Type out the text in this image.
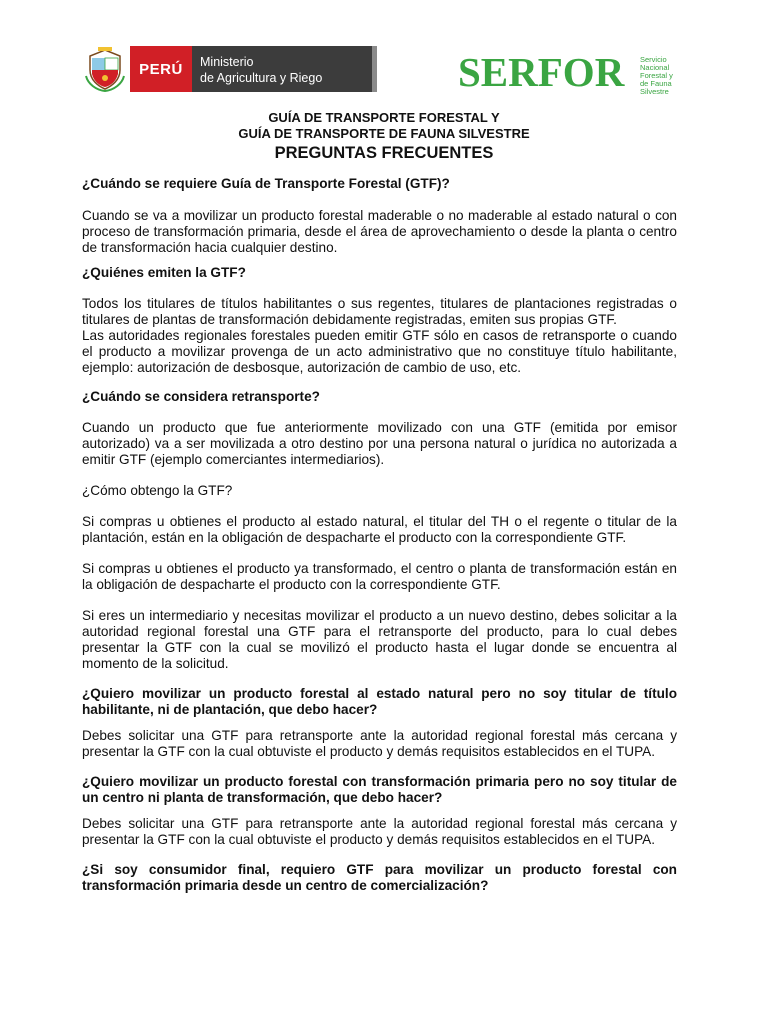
PERÚ Ministerio
de Agricultura y Riego	SERFOR Servicio
Nacional
Forestal y
de Fauna
Silvestre
GUÍA DE TRANSPORTE FORESTAL Y
GUÍA DE TRANSPORTE DE FAUNA SILVESTRE
PREGUNTAS FRECUENTES
¿Cuándo se requiere Guía de Transporte Forestal (GTF)?
Cuando se va a movilizar un producto forestal maderable o no maderable al estado natural o con proceso de transformación primaria, desde el área de aprovechamiento o desde la planta o centro de transformación hacia cualquier destino.
¿Quiénes emiten la GTF?
Todos los titulares de títulos habilitantes o sus regentes, titulares de plantaciones registradas o titulares de plantas de transformación debidamente registradas, emiten sus propias GTF.
Las autoridades regionales forestales pueden emitir GTF sólo en casos de retransporte o cuando el producto a movilizar provenga de un acto administrativo que no constituye título habilitante, ejemplo: autorización de desbosque, autorización de cambio de uso, etc.
¿Cuándo se considera retransporte?
Cuando un producto que fue anteriormente movilizado con una GTF (emitida por emisor autorizado) va a ser movilizada a otro destino por una persona natural o jurídica no autorizada a emitir GTF (ejemplo comerciantes intermediarios).
¿Cómo obtengo la GTF?
Si compras u obtienes el producto al estado natural, el titular del TH o el regente o titular de la plantación, están en la obligación de despacharte el producto con la correspondiente GTF.
Si compras u obtienes el producto ya transformado, el centro o planta de transformación están en la obligación de despacharte el producto con la correspondiente GTF.
Si eres un intermediario y necesitas movilizar el producto a un nuevo destino, debes solicitar a la autoridad regional forestal una GTF para el retransporte del producto, para lo cual debes presentar la GTF con la cual se movilizó el producto hasta el lugar donde se encuentra al momento de la solicitud.
¿Quiero movilizar un producto forestal al estado natural pero no soy titular de título habilitante, ni de plantación, que debo hacer?
Debes solicitar una GTF para retransporte ante la autoridad regional forestal más cercana y presentar la GTF con la cual obtuviste el producto y demás requisitos establecidos en el TUPA.
¿Quiero movilizar un producto forestal con transformación primaria pero no soy titular de un centro ni planta de transformación, que debo hacer?
Debes solicitar una GTF para retransporte ante la autoridad regional forestal más cercana y presentar la GTF con la cual obtuviste el producto y demás requisitos establecidos en el TUPA.
¿Si soy consumidor final, requiero GTF para movilizar un producto forestal con transformación primaria desde un centro de comercialización?
